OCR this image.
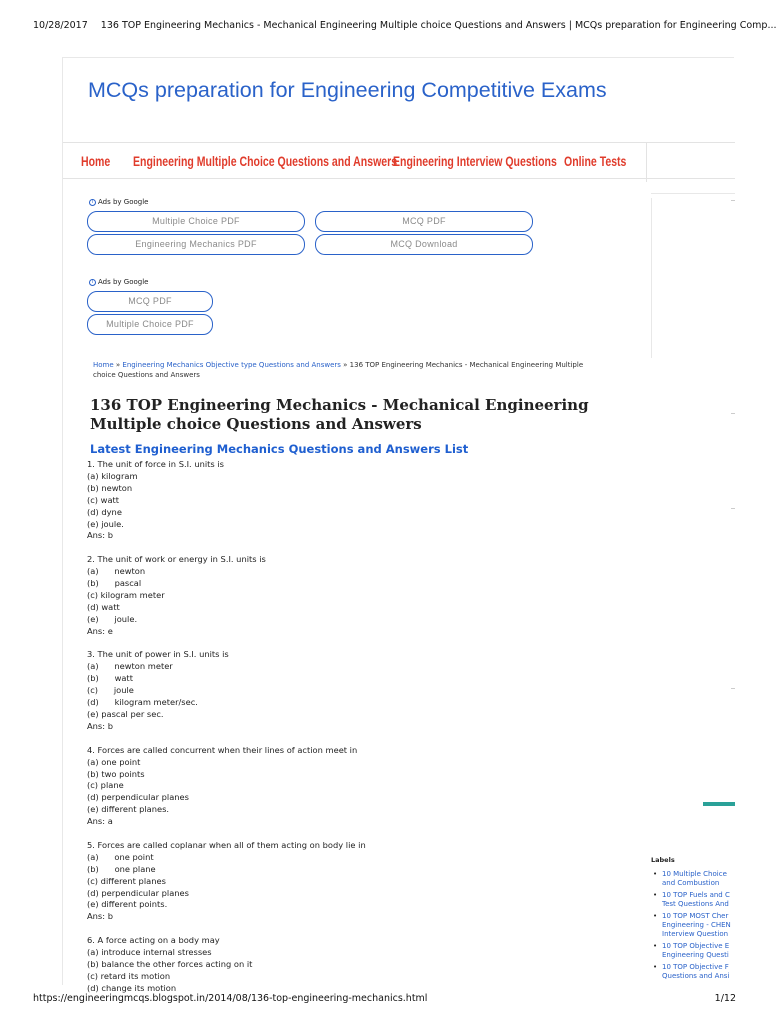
10/28/2017 136 TOP Engineering Mechanics - Mechanical Engineering Multiple choice Questions and Answers | MCQs preparation for Engineering Comp...
MCQs preparation for Engineering Competitive Exams
Home	Engineering Multiple Choice Questions and Answers
Engineering Interview Questions Online Tests
i Ads by Google
Multiple Choice PDF	MCQ PDF
Engineering Mechanics PDF	MCQ Download
i Ads by Google
MCQ PDF
Multiple Choice PDF
Home » Engineering Mechanics Objective type Questions and Answers » 136 TOP Engineering Mechanics - Mechanical Engineering Multiple choice Questions and Answers
136 TOP Engineering Mechanics - Mechanical Engineering Multiple choice Questions and Answers
Latest Engineering Mechanics Questions and Answers List
1. The unit of force in S.I. units is
(a) kilogram
(b) newton
(c) watt
(d) dyne
(e) joule.
Ans: b
2. The unit of work or energy in S.I. units is
(a)      newton
(b)      pascal
(c) kilogram meter
(d) watt
(e)      joule.
Ans: e
3. The unit of power in S.I. units is
(a)      newton meter
(b)      watt
(c)      joule
(d)      kilogram meter/sec.
(e) pascal per sec.
Ans: b
4. Forces are called concurrent when their lines of action meet in
(a) one point
(b) two points
(c) plane
(d) perpendicular planes
(e) different planes.
Ans: a
5. Forces are called coplanar when all of them acting on body lie in
(a)      one point
(b)      one plane
(c) different planes
(d) perpendicular planes
(e) different points.
Ans: b
6. A force acting on a body may
(a) introduce internal stresses
(b) balance the other forces acting on it
(c) retard its motion
(d) change its motion
Labels
• 10 Multiple Choice and Combustion
• 10 TOP Fuels and C Test Questions And
• 10 TOP MOST Cher Engineering - CHEN Interview Question
• 10 TOP Objective E Engineering Questi
• 10 TOP Objective F Questions and Ansi
https://engineeringmcqs.blogspot.in/2014/08/136-top-engineering-mechanics.html	1/12
